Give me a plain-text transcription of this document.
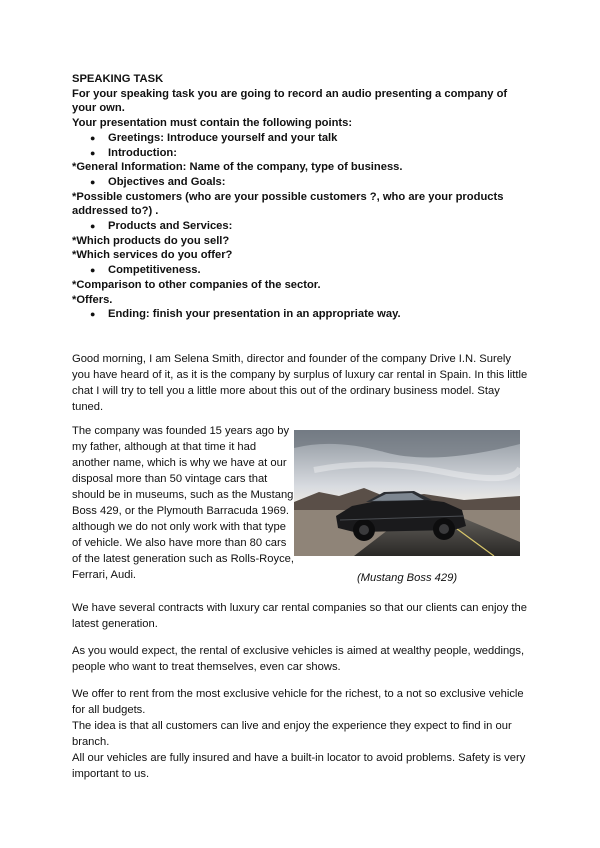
SPEAKING TASK
For your speaking task you are going to record an audio presenting a company of your own.
Your presentation must contain the following points:
● Greetings: Introduce yourself and your talk
● Introduction:
*General Information: Name of the company, type of business.
● Objectives and Goals:
*Possible customers (who are your possible customers ?, who are your products addressed to?) .
● Products and Services:
*Which products do you sell?
*Which services do you offer?
● Competitiveness.
*Comparison to other companies of the sector.
*Offers.
● Ending: finish your presentation in an appropriate way.
Good morning, I am Selena Smith, director and founder of the company Drive I.N. Surely you have heard of it, as it is the company by surplus of luxury car rental in Spain. In this little chat I will try to tell you a little more about this out of the ordinary business model. Stay tuned.
The company was founded 15 years ago by my father, although at that time it had another name, which is why we have at our disposal more than 50 vintage cars that should be in museums, such as the Mustang Boss 429, or the Plymouth Barracuda 1969. although we do not only work with that type of vehicle. We also have more than 80 cars of the latest generation such as Rolls-Royce, Ferrari, Audi.	(Mustang Boss 429)
We have several contracts with luxury car rental companies so that our clients can enjoy the latest generation.
As you would expect, the rental of exclusive vehicles is aimed at wealthy people, weddings, people who want to treat themselves, even car shows.
We offer to rent from the most exclusive vehicle for the richest, to a not so exclusive vehicle for all budgets.
The idea is that all customers can live and enjoy the experience they expect to find in our branch.
All our vehicles are fully insured and have a built-in locator to avoid problems. Safety is very important to us.
